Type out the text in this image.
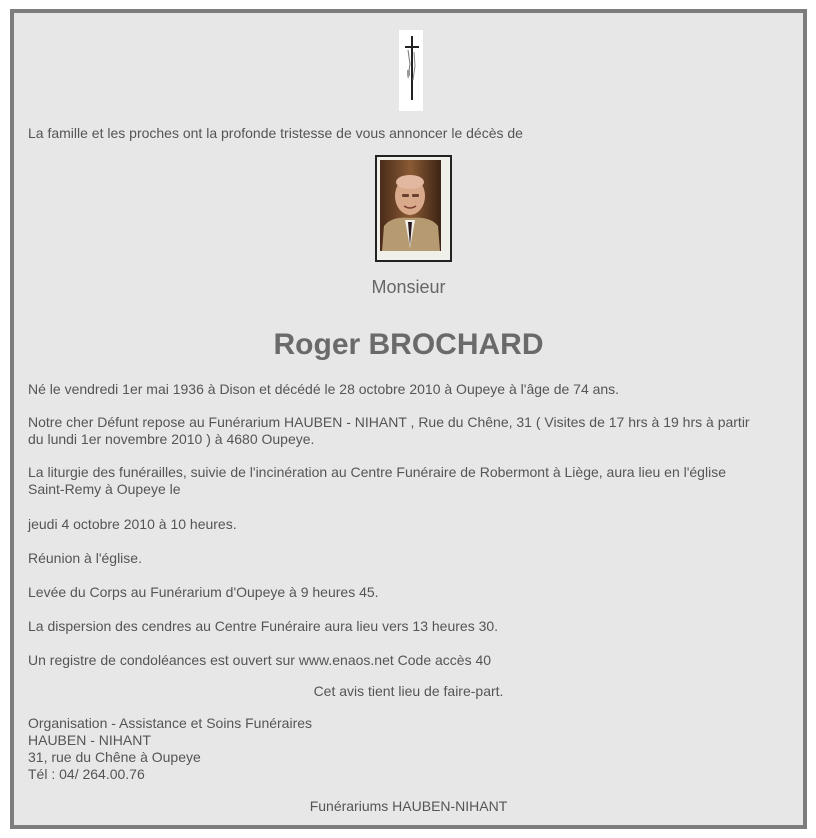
La famille et les proches ont la profonde tristesse de vous annoncer le décès de
Monsieur
Roger BROCHARD
Né le vendredi 1er mai 1936 à Dison et décédé le 28 octobre 2010 à Oupeye à l'âge de 74 ans.
Notre cher Défunt repose au Funérarium HAUBEN - NIHANT , Rue du Chêne, 31 ( Visites de 17 hrs à 19 hrs à partir
du lundi 1er novembre 2010 ) à 4680 Oupeye.
La liturgie des funérailles, suivie de l'incinération au Centre Funéraire de Robermont à Liège, aura lieu en l'église
Saint-Remy à Oupeye le
jeudi 4 octobre 2010 à 10 heures.
Réunion à l'église.
Levée du Corps au Funérarium d'Oupeye à 9 heures 45.
La dispersion des cendres au Centre Funéraire aura lieu vers 13 heures 30.
Un registre de condoléances est ouvert sur www.enaos.net Code accès 40
Cet avis tient lieu de faire-part.
Organisation - Assistance et Soins Funéraires
HAUBEN - NIHANT
31, rue du Chêne à Oupeye
Tél : 04/ 264.00.76
Funérariums HAUBEN-NIHANT
